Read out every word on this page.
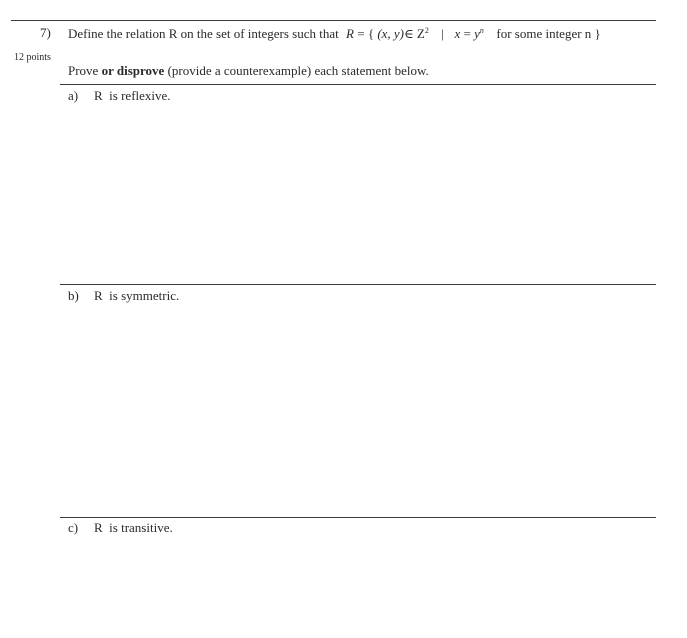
7)
12 points
Define the relation R on the set of integers such that R = { (x, y)∈ $Z^2$ | $x = y^n$ for some integer n }
Prove or disprove (provide a counterexample) each statement below.
a) R  is reflexive.
b) R  is symmetric.
c) R  is transitive.
